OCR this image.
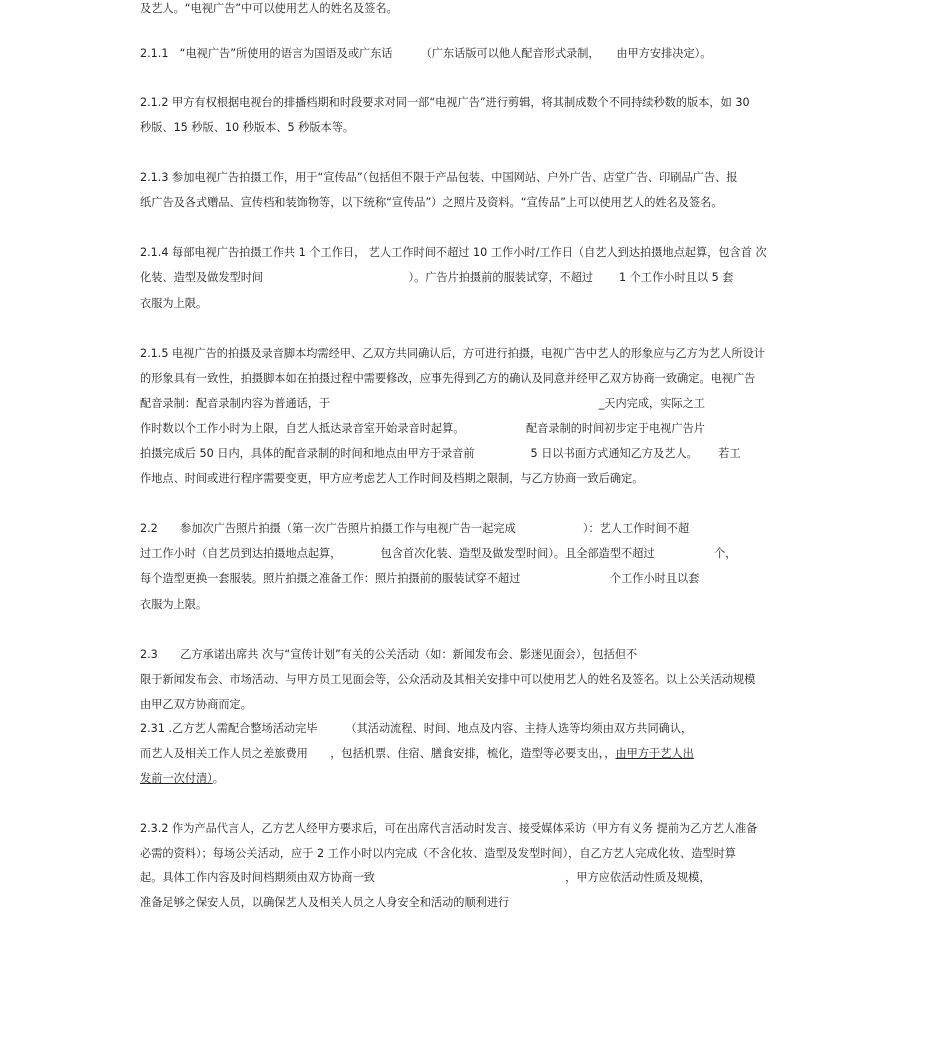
及艺人。“电视广告”中可以使用艺人的姓名及签名。
2.1.1　“电视广告”所使用的语言为国语及或广东话　　　（广东话版可以他人配音形式录制，　　由甲方安排决定）。
2.1.2 甲方有权根据电视台的排播档期和时段要求对同一部“电视广告”进行剪辑，将其制成数个不同持续秒数的版本，如 30
秒版、15 秒版、10 秒版本、5 秒版本等。
2.1.3 参加电视广告拍摄工作，用于“宣传品”（包括但不限于产品包装、中国网站、户外广告、店堂广告、印刷品广告、报
纸广告及各式赠品、宣传档和装饰物等，以下统称“宣传品”）之照片及资料。“宣传品”上可以使用艺人的姓名及签名。
2.1.4 每部电视广告拍摄工作共 1 个工作日， 艺人工作时间不超过 10 工作小时/工作日（自艺人到达拍摄地点起算，包含首 次
化装、造型及做发型时间　　　　　　　　　　　　　）。广告片拍摄前的服装试穿，不超过　　 1 个工作小时且以 5 套
衣服为上限。
2.1.5 电视广告的拍摄及录音脚本均需经甲、乙双方共同确认后，方可进行拍摄，电视广告中艺人的形象应与乙方为艺人所设计
的形象具有一致性，拍摄脚本如在拍摄过程中需要修改，应事先得到乙方的确认及同意并经甲乙双方协商一致确定。电视广告
配音录制：配音录制内容为普通话，于　　　　　　　　　　　　　　　　　　　　　　　　_天内完成，实际之工
作时数以个工作小时为上限，自艺人抵达录音室开始录音时起算。　　　　　　配音录制的时间初步定于电视广告片
拍摄完成后 50 日内，具体的配音录制的时间和地点由甲方于录音前　　　　　5 日以书面方式通知乙方及艺人。　　 若工
作地点、时间或进行程序需要变更，甲方应考虑艺人工作时间及档期之限制，与乙方协商一致后确定。
2.2　　参加次广告照片拍摄（第一次广告照片拍摄工作与电视广告一起完成　　　　　　）：艺人工作时间不超
过工作小时（自艺员到达拍摄地点起算，　　　　包含首次化装、造型及做发型时间）。且全部造型不超过　　　　　 个，
每个造型更换一套服装。照片拍摄之准备工作：照片拍摄前的服装试穿不超过　　　　　　　　个工作小时且以套
衣服为上限。
2.3　　乙方承诺出席共 次与“宣传计划”有关的公关活动（如：新闻发布会、影迷见面会），包括但不
限于新闻发布会、市场活动、与甲方员工见面会等，公众活动及其相关安排中可以使用艺人的姓名及签名。以上公关活动规模
由甲乙双方协商而定。
2.31 .乙方艺人需配合整场活动完毕　　　（其活动流程、时间、地点及内容、主持人选等均须由双方共同确认，
而艺人及相关工作人员之差旅费用　　，包括机票、住宿、膳食安排，梳化，造型等必要支出，，由甲方于艺人出
发前一次付清）。
2.3.2 作为产品代言人，乙方艺人经甲方要求后，可在出席代言活动时发言、接受媒体采访（甲方有义务 提前为乙方艺人准备
必需的资料）；每场公关活动，应于 2 工作小时以内完成（不含化妆、造型及发型时间），自乙方艺人完成化妆、造型时算
起。具体工作内容及时间档期须由双方协商一致　　　　　　　　　　　　　　　　　，甲方应依活动性质及规模，
准备足够之保安人员，以确保艺人及相关人员之人身安全和活动的顺利进行
